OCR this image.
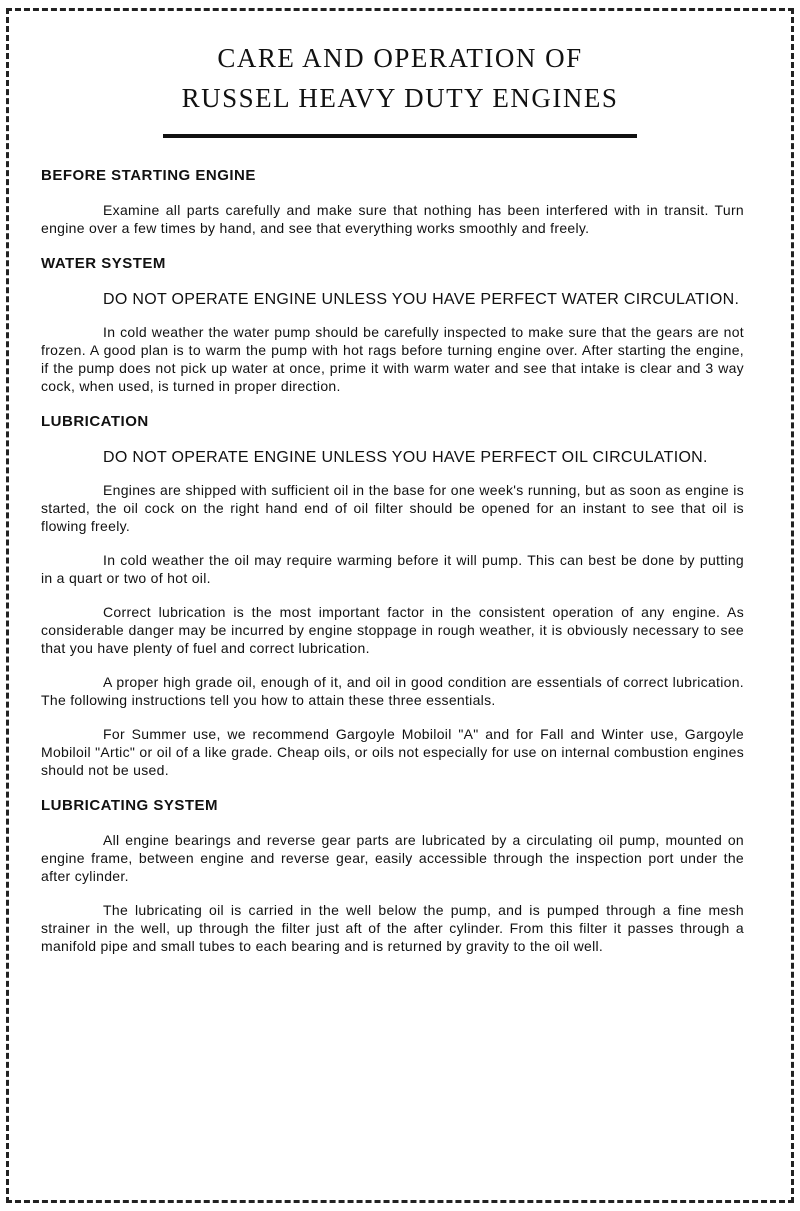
CARE AND OPERATION OF
RUSSEL HEAVY DUTY ENGINES
BEFORE STARTING ENGINE

Examine all parts carefully and make sure that nothing has been interfered with in transit. Turn engine over a few times by hand, and see that everything works smoothly and freely.

WATER SYSTEM

DO NOT OPERATE ENGINE UNLESS YOU HAVE PERFECT WATER CIRCULATION.

In cold weather the water pump should be carefully inspected to make sure that the gears are not frozen. A good plan is to warm the pump with hot rags before turning engine over. After starting the engine, if the pump does not pick up water at once, prime it with warm water and see that intake is clear and 3 way cock, when used, is turned in proper direction.

LUBRICATION

DO NOT OPERATE ENGINE UNLESS YOU HAVE PERFECT OIL CIRCULATION.

Engines are shipped with sufficient oil in the base for one week's running, but as soon as engine is started, the oil cock on the right hand end of oil filter should be opened for an instant to see that oil is flowing freely.

In cold weather the oil may require warming before it will pump. This can best be done by putting in a quart or two of hot oil.

Correct lubrication is the most important factor in the consistent operation of any engine. As considerable danger may be incurred by engine stoppage in rough weather, it is obviously necessary to see that you have plenty of fuel and correct lubrication.

A proper high grade oil, enough of it, and oil in good condition are essentials of correct lubrication. The following instructions tell you how to attain these three essentials.

For Summer use, we recommend Gargoyle Mobiloil "A" and for Fall and Winter use, Gargoyle Mobiloil "Artic" or oil of a like grade. Cheap oils, or oils not especially for use on internal combustion engines should not be used.

LUBRICATING SYSTEM

All engine bearings and reverse gear parts are lubricated by a circulating oil pump, mounted on engine frame, between engine and reverse gear, easily accessible through the inspection port under the after cylinder.

The lubricating oil is carried in the well below the pump, and is pumped through a fine mesh strainer in the well, up through the filter just aft of the after cylinder. From this filter it passes through a manifold pipe and small tubes to each bearing and is returned by gravity to the oil well.
